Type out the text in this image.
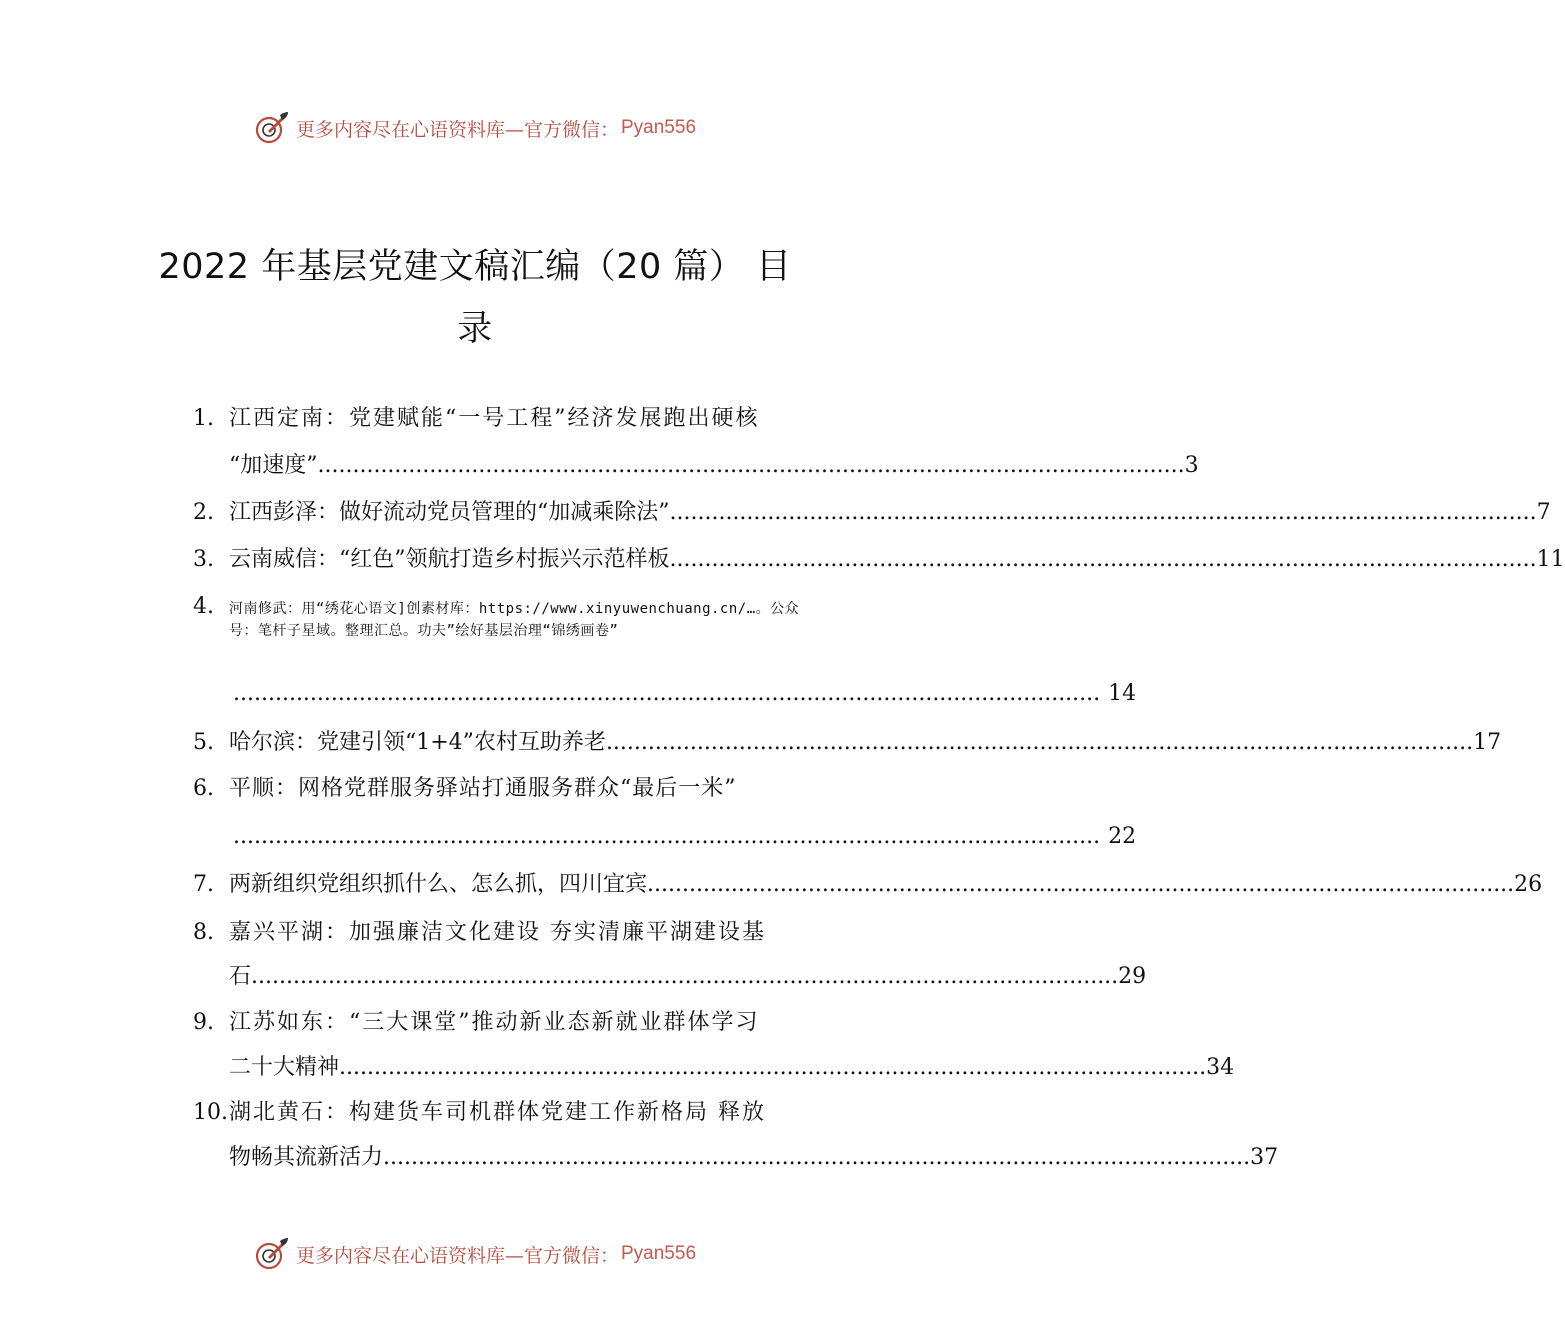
更多内容尽在心语资料库—官方微信： Pyan556
2022 年基层党建文稿汇编（20 篇） 目
录
1. 江西定南：党建赋能“一号工程”经济发展跑出硬核
“加速度” ............................................................................................................................ 3
2. 江西彭泽：做好流动党员管理的“加减乘除法” ............................................................................................................................ 7
3. 云南威信：“红色”领航打造乡村振兴示范样板 ............................................................................................................................ 11
4. 河南修武：用“绣花心语文]创素材库：https://www.xinyuwenchuang.cn/…。公众号：笔杆子星域。整理汇总。功夫”绘好基层治理“锦绣画卷”
............................................................................................................................ 14
5. 哈尔滨：党建引领“1+4”农村互助养老 ............................................................................................................................ 17
6. 平顺：网格党群服务驿站打通服务群众“最后一米”
............................................................................................................................ 22
7. 两新组织党组织抓什么、怎么抓，四川宜宾 ............................................................................................................................ 26
8. 嘉兴平湖：加强廉洁文化建设 夯实清廉平湖建设基
石 ............................................................................................................................ 29
9. 江苏如东：“三大课堂”推动新业态新就业群体学习
二十大精神 ............................................................................................................................ 34
10. 湖北黄石：构建货车司机群体党建工作新格局 释放
物畅其流新活力 ............................................................................................................................ 37
更多内容尽在心语资料库—官方微信： Pyan556
